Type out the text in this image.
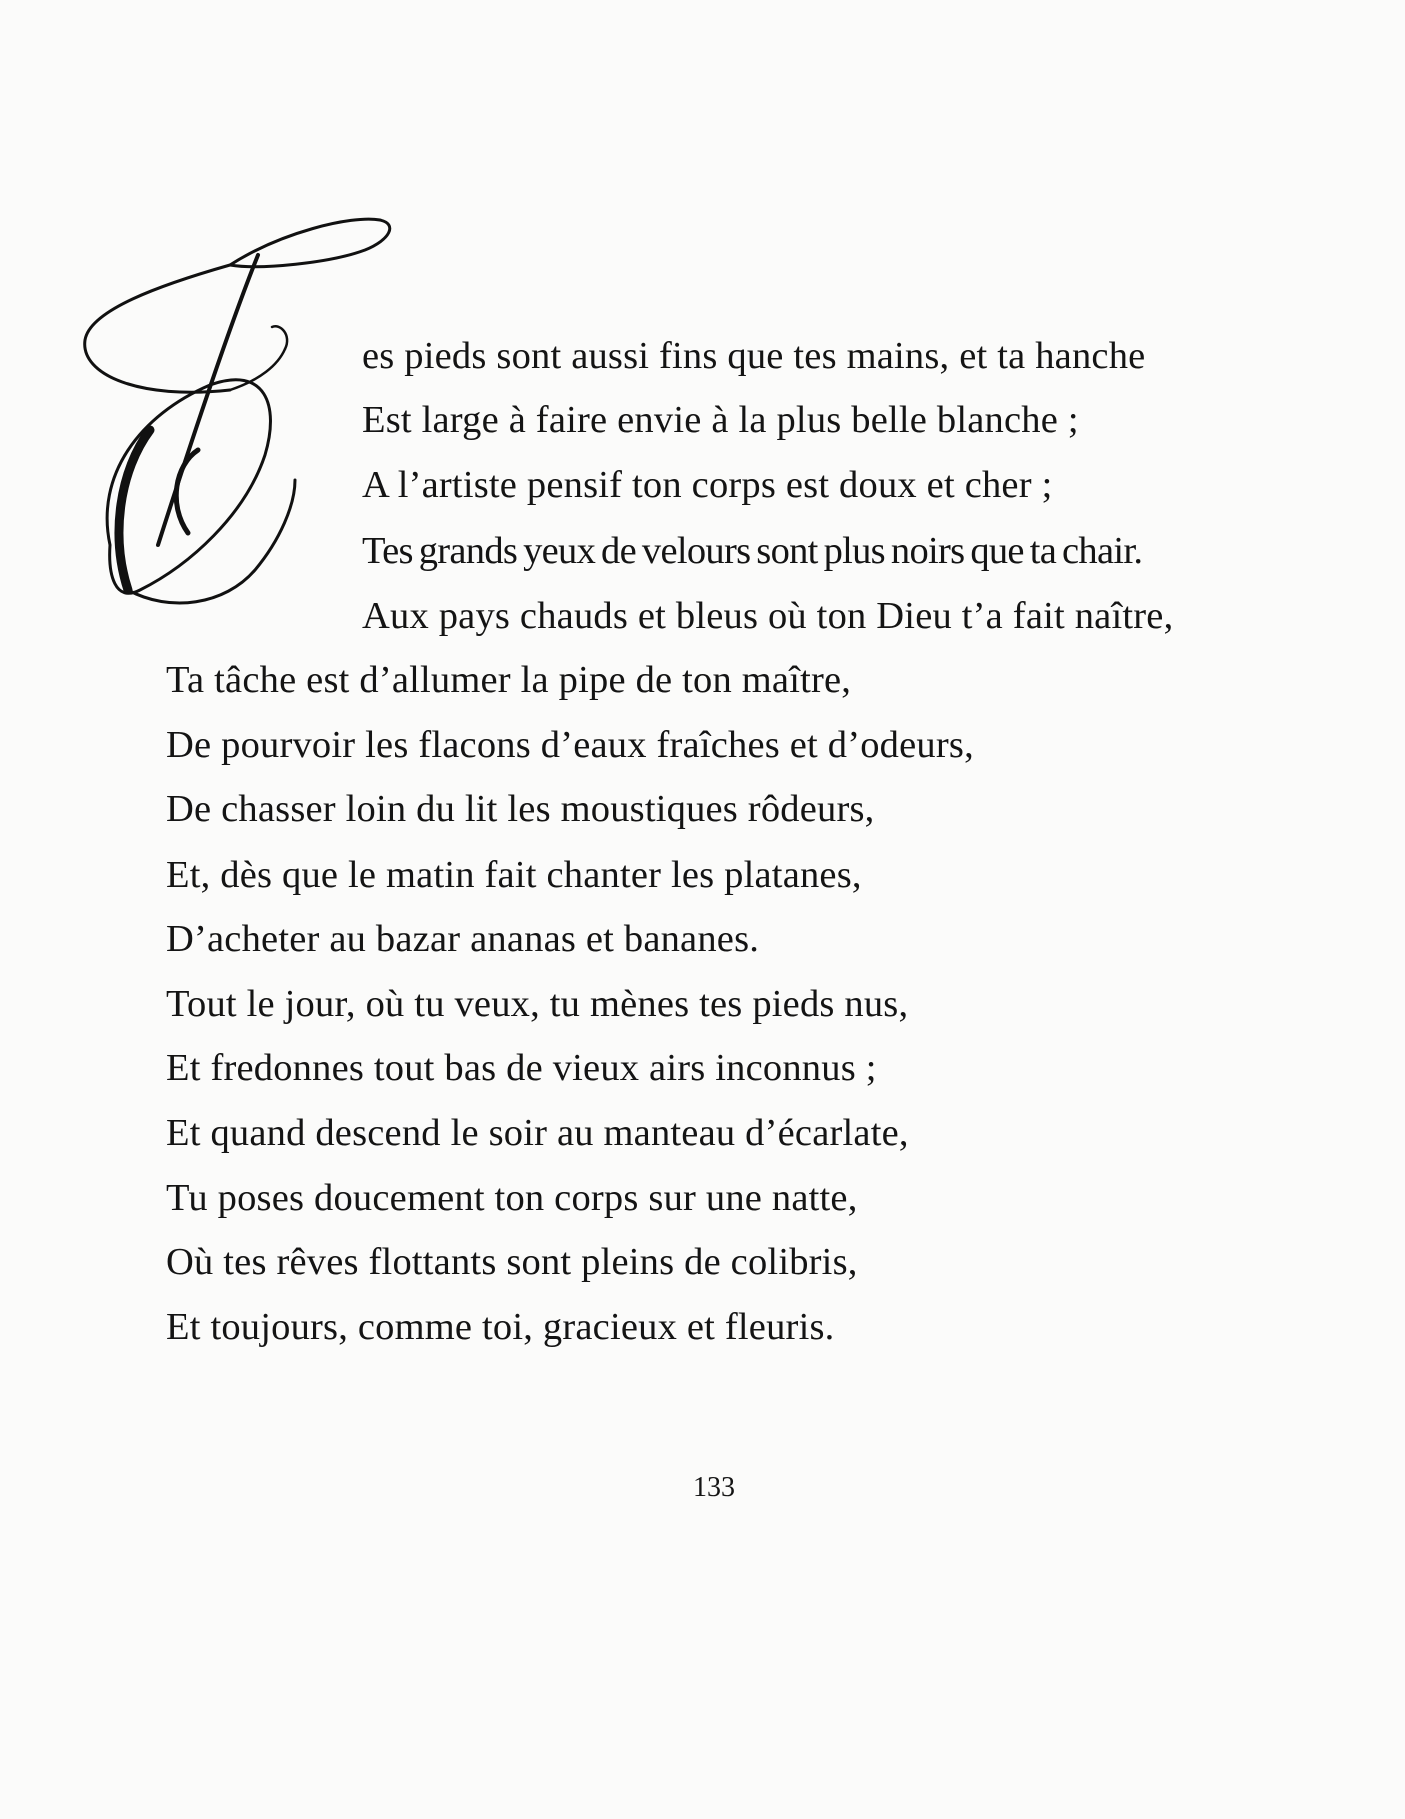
es pieds sont aussi fins que tes mains, et ta hanche
Est large à faire envie à la plus belle blanche ;
A l’artiste pensif ton corps est doux et cher ;
Tes grands yeux de velours sont plus noirs que ta chair.
Aux pays chauds et bleus où ton Dieu t’a fait naître,
Ta tâche est d’allumer la pipe de ton maître,
De pourvoir les flacons d’eaux fraîches et d’odeurs,
De chasser loin du lit les moustiques rôdeurs,
Et, dès que le matin fait chanter les platanes,
D’acheter au bazar ananas et bananes.
Tout le jour, où tu veux, tu mènes tes pieds nus,
Et fredonnes tout bas de vieux airs inconnus ;
Et quand descend le soir au manteau d’écarlate,
Tu poses doucement ton corps sur une natte,
Où tes rêves flottants sont pleins de colibris,
Et toujours, comme toi, gracieux et fleuris.
133
